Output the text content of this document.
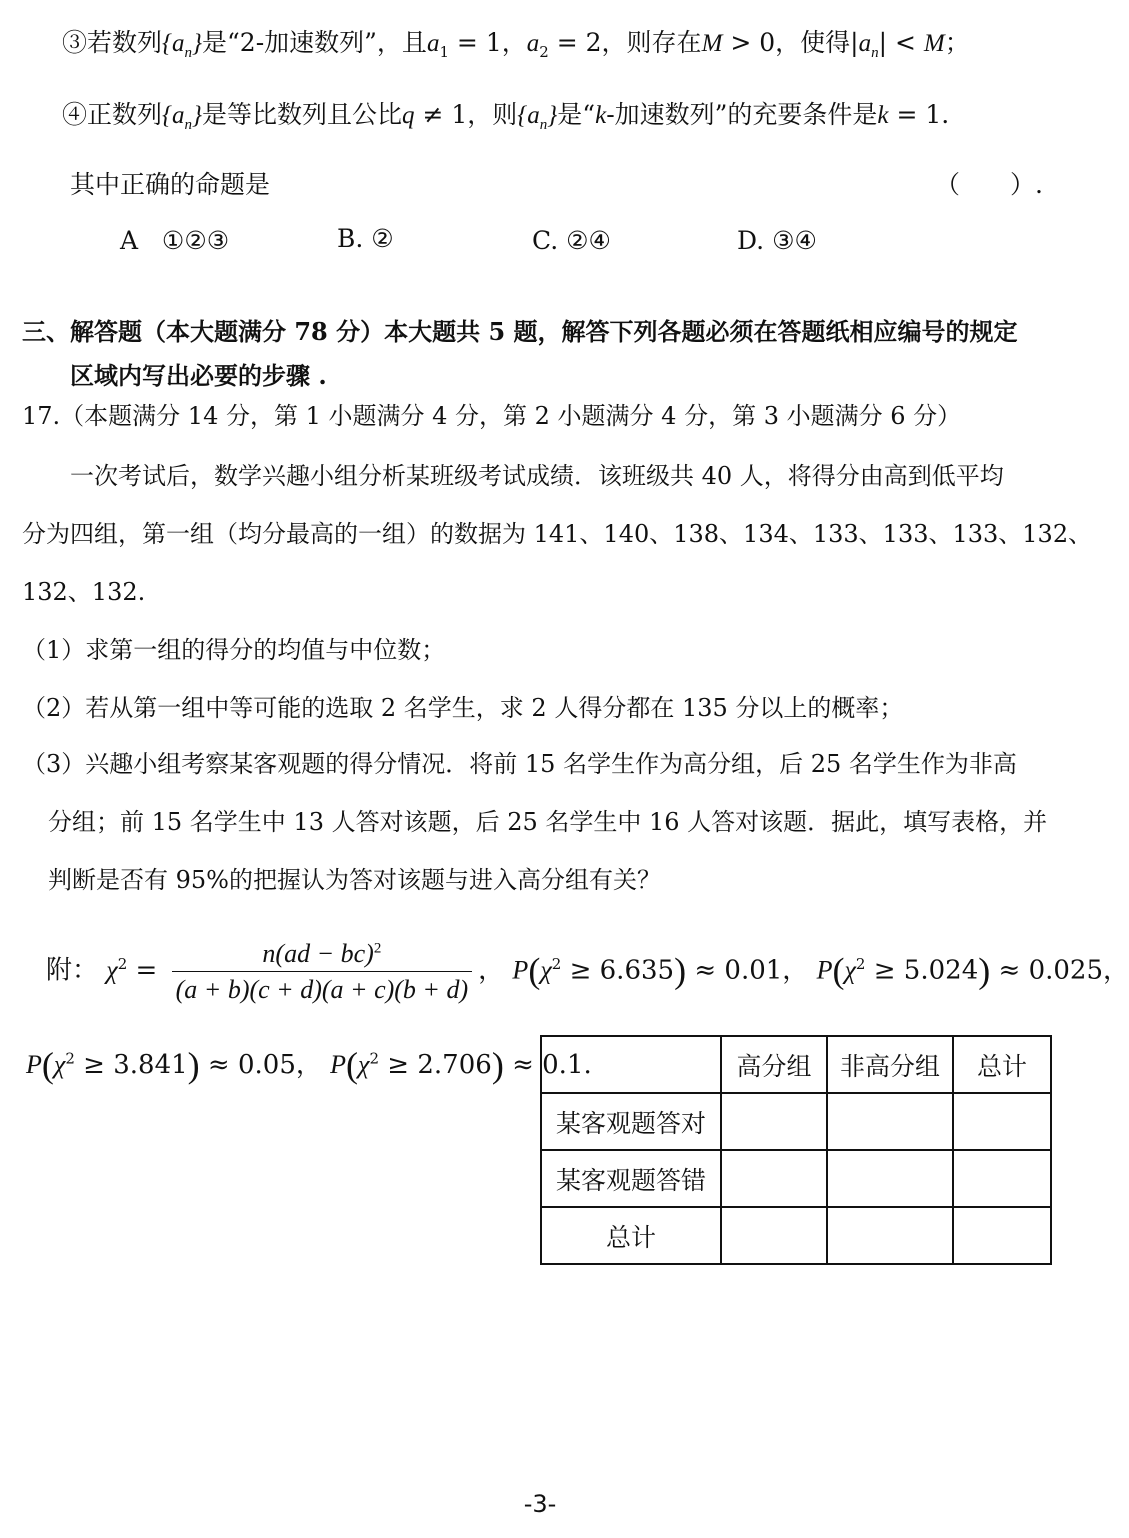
③若数列$\{a_n\}$是“2-加速数列”，且$a_1 = 1$，$a_2 = 2$，则存在M > 0，使得$|a_n| < M$；
④正数列$\{a_n\}$是等比数列且公比q ≠ 1，则$\{a_n\}$是“k-加速数列”的充要条件是k = 1.
其中正确的命题是	（　　）.
A ①②③	B. ②	C. ②④	D. ③④
三、解答题（本大题满分 78 分）本大题共 5 题，解答下列各题必须在答题纸相应编号的规定
区域内写出必要的步骤 .
17.（本题满分 14 分，第 1 小题满分 4 分，第 2 小题满分 4 分，第 3 小题满分 6 分）
一次考试后，数学兴趣小组分析某班级考试成绩．该班级共 40 人，将得分由高到低平均
分为四组，第一组（均分最高的一组）的数据为 141、140、138、134、133、133、133、132、
132、132.
（1）求第一组的得分的均值与中位数；
（2）若从第一组中等可能的选取 2 名学生，求 2 人得分都在 135 分以上的概率；
（3）兴趣小组考察某客观题的得分情况．将前 15 名学生作为高分组，后 25 名学生作为非高
分组；前 15 名学生中 13 人答对该题，后 25 名学生中 16 人答对该题．据此，填写表格，并
判断是否有 95%的把握认为答对该题与进入高分组有关？
附： $\chi^2 = \frac{n(ad - bc)^2}{(a + b)(c + d)(a + c)(b + d)}$ ， $P(\chi^2 \ge 6.635) \approx 0.01$， $P(\chi^2 \ge 5.024) \approx 0.025$，
$P(\chi^2 \ge 3.841) \approx 0.05$， $P(\chi^2 \ge 2.706) \approx 0.1$.
		高分组	非高分组	总计
某客观题答对			
某客观题答错			
总计			
-3-
